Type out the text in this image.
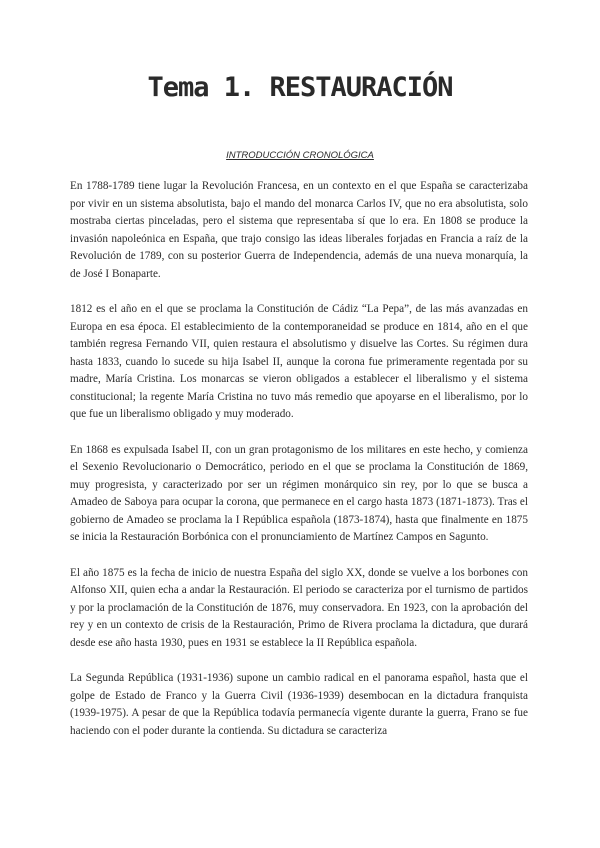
Tema 1. RESTAURACIÓN

INTRODUCCIÓN CRONOLÓGICA

En 1788-1789 tiene lugar la Revolución Francesa, en un contexto en el que España se caracterizaba por vivir en un sistema absolutista, bajo el mando del monarca Carlos IV, que no era absolutista, solo mostraba ciertas pinceladas, pero el sistema que representaba sí que lo era. En 1808 se produce la invasión napoleónica en España, que trajo consigo las ideas liberales forjadas en Francia a raíz de la Revolución de 1789, con su posterior Guerra de Independencia, además de una nueva monarquía, la de José I Bonaparte.

1812 es el año en el que se proclama la Constitución de Cádiz “La Pepa”, de las más avanzadas en Europa en esa época. El establecimiento de la contemporaneidad se produce en 1814, año en el que también regresa Fernando VII, quien restaura el absolutismo y disuelve las Cortes. Su régimen dura hasta 1833, cuando lo sucede su hija Isabel II, aunque la corona fue primeramente regentada por su madre, María Cristina. Los monarcas se vieron obligados a establecer el liberalismo y el sistema constitucional; la regente María Cristina no tuvo más remedio que apoyarse en el liberalismo, por lo que fue un liberalismo obligado y muy moderado.

En 1868 es expulsada Isabel II, con un gran protagonismo de los militares en este hecho, y comienza el Sexenio Revolucionario o Democrático, periodo en el que se proclama la Constitución de 1869, muy progresista, y caracterizado por ser un régimen monárquico sin rey, por lo que se busca a Amadeo de Saboya para ocupar la corona, que permanece en el cargo hasta 1873 (1871-1873). Tras el gobierno de Amadeo se proclama la I República española (1873-1874), hasta que finalmente en 1875 se inicia la Restauración Borbónica con el pronunciamiento de Martínez Campos en Sagunto.

El año 1875 es la fecha de inicio de nuestra España del siglo XX, donde se vuelve a los borbones con Alfonso XII, quien echa a andar la Restauración. El periodo se caracteriza por el turnismo de partidos y por la proclamación de la Constitución de 1876, muy conservadora. En 1923, con la aprobación del rey y en un contexto de crisis de la Restauración, Primo de Rivera proclama la dictadura, que durará desde ese año hasta 1930, pues en 1931 se establece la II República española.

La Segunda República (1931-1936) supone un cambio radical en el panorama español, hasta que el golpe de Estado de Franco y la Guerra Civil (1936-1939) desembocan en la dictadura franquista (1939-1975). A pesar de que la República todavía permanecía vigente durante la guerra, Frano se fue haciendo con el poder durante la contienda. Su dictadura se caracteriza
